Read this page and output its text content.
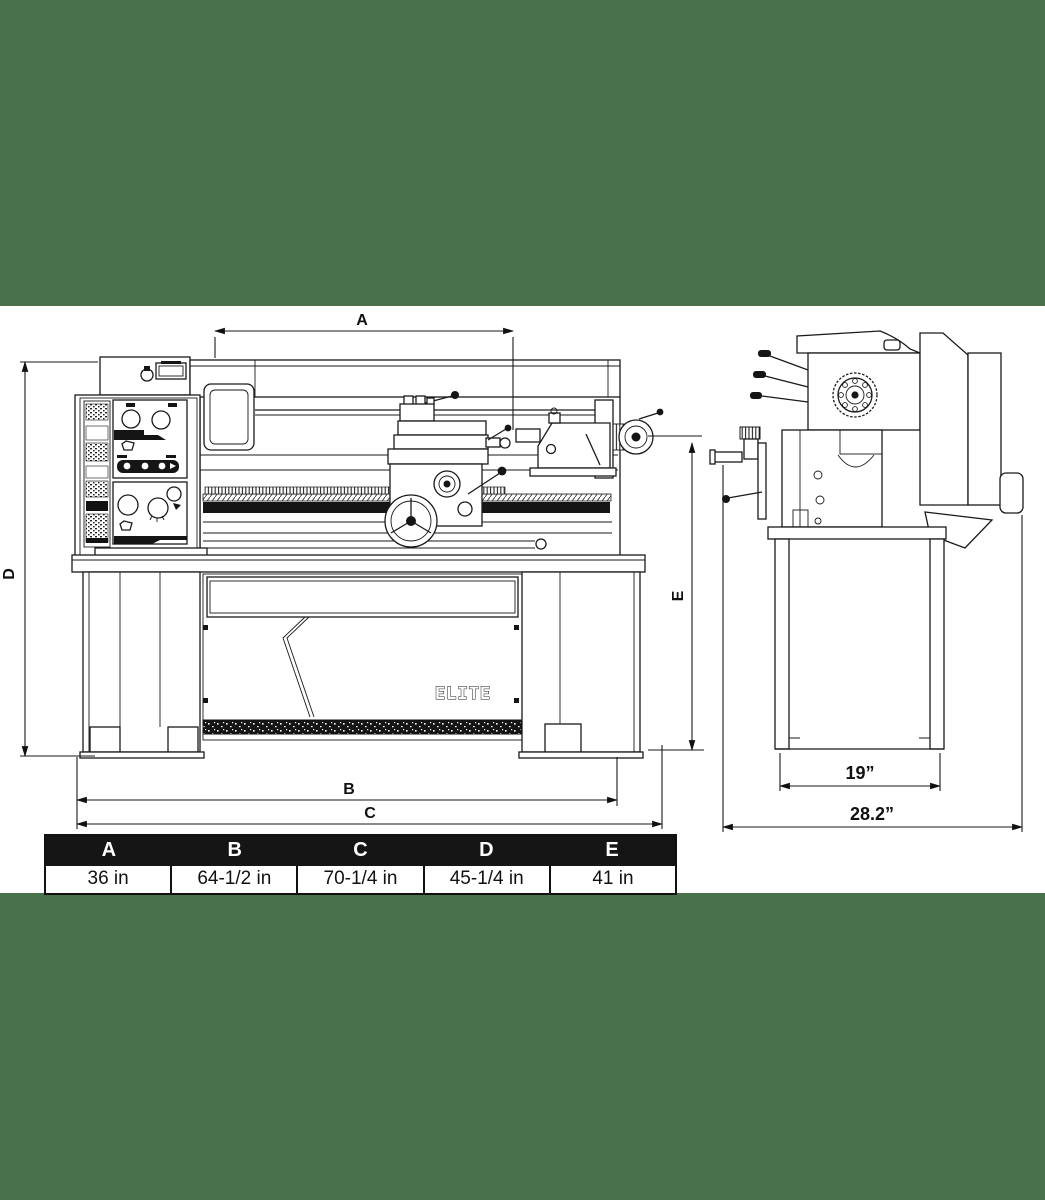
ELITE
A
D
E
B
C
19”
28.2”
A	B	C	D	E
36 in	64-1/2 in	70-1/4 in	45-1/4 in	41 in
